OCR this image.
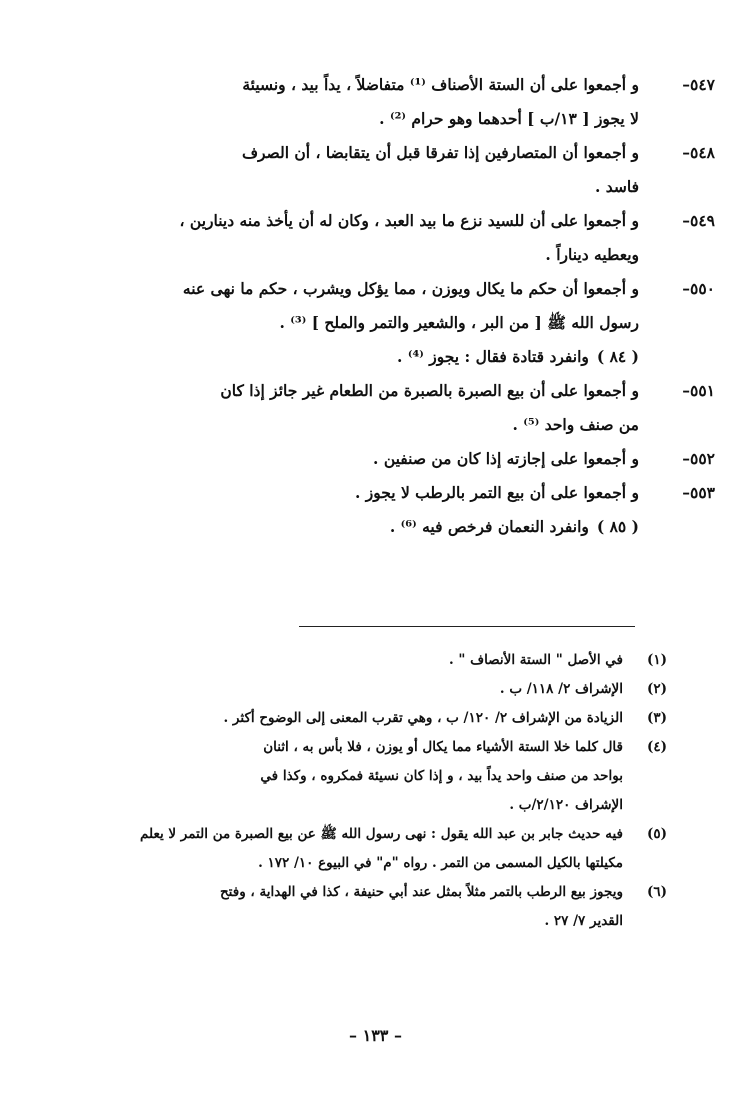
٥٤٧–
و أجمعوا على أن الستة الأصناف ⁽¹⁾ متفاضلاً ، يداً بيد ، ونسيئة
لا يجوز [ ١٣/ب ] أحدهما وهو حرام ⁽²⁾ .
٥٤٨–
و أجمعوا أن المتصارفين إذا تفرقا قبل أن يتقابضا ، أن الصرف
فاسد .
٥٤٩–
و أجمعوا على أن للسيد نزع ما بيد العبد ، وكان له أن يأخذ منه دينارين ،
ويعطيه ديناراً .
٥٥٠–
و أجمعوا أن حكم ما يكال ويوزن ، مما يؤكل ويشرب ، حكم ما نهى عنه
رسول الله ﷺ [ من البر ، والشعير والتمر والملح ] ⁽³⁾ .
( ٨٤ )
وانفرد قتادة فقال : يجوز ⁽⁴⁾ .
٥٥١–
و أجمعوا على أن بيع الصبرة بالصبرة من الطعام غير جائز إذا كان
من صنف واحد ⁽⁵⁾ .
٥٥٢–
و أجمعوا على إجازته إذا كان من صنفين .
٥٥٣–
و أجمعوا على أن بيع التمر بالرطب لا يجوز .
( ٨٥ )
وانفرد النعمان فرخص فيه ⁽⁶⁾ .
(١)
في الأصل " الستة الأنصاف " .
(٢)
الإشراف ٢/ ١١٨/ ب .
(٣)
الزيادة من الإشراف ٢/ ١٢٠/ ب ، وهي تقرب المعنى إلى الوضوح أكثر .
(٤)
قال كلما خلا الستة الأشياء مما يكال أو يوزن ، فلا بأس به ، اثنان
بواحد من صنف واحد يداً بيد ، و إذا كان نسيئة فمكروه ، وكذا في
الإشراف ٢/١٢٠/ب .
(٥)
فيه حديث جابر بن عبد الله يقول : نهى رسول الله ﷺ عن بيع الصبرة من التمر لا يعلم
مكيلتها بالكيل المسمى من التمر . رواه "م" في البيوع ١٠/ ١٧٢ .
(٦)
ويجوز بيع الرطب بالتمر مثلاً بمثل عند أبي حنيفة ، كذا في الهداية ، وفتح
القدير ٧/ ٢٧ .
– ١٣٣ –
